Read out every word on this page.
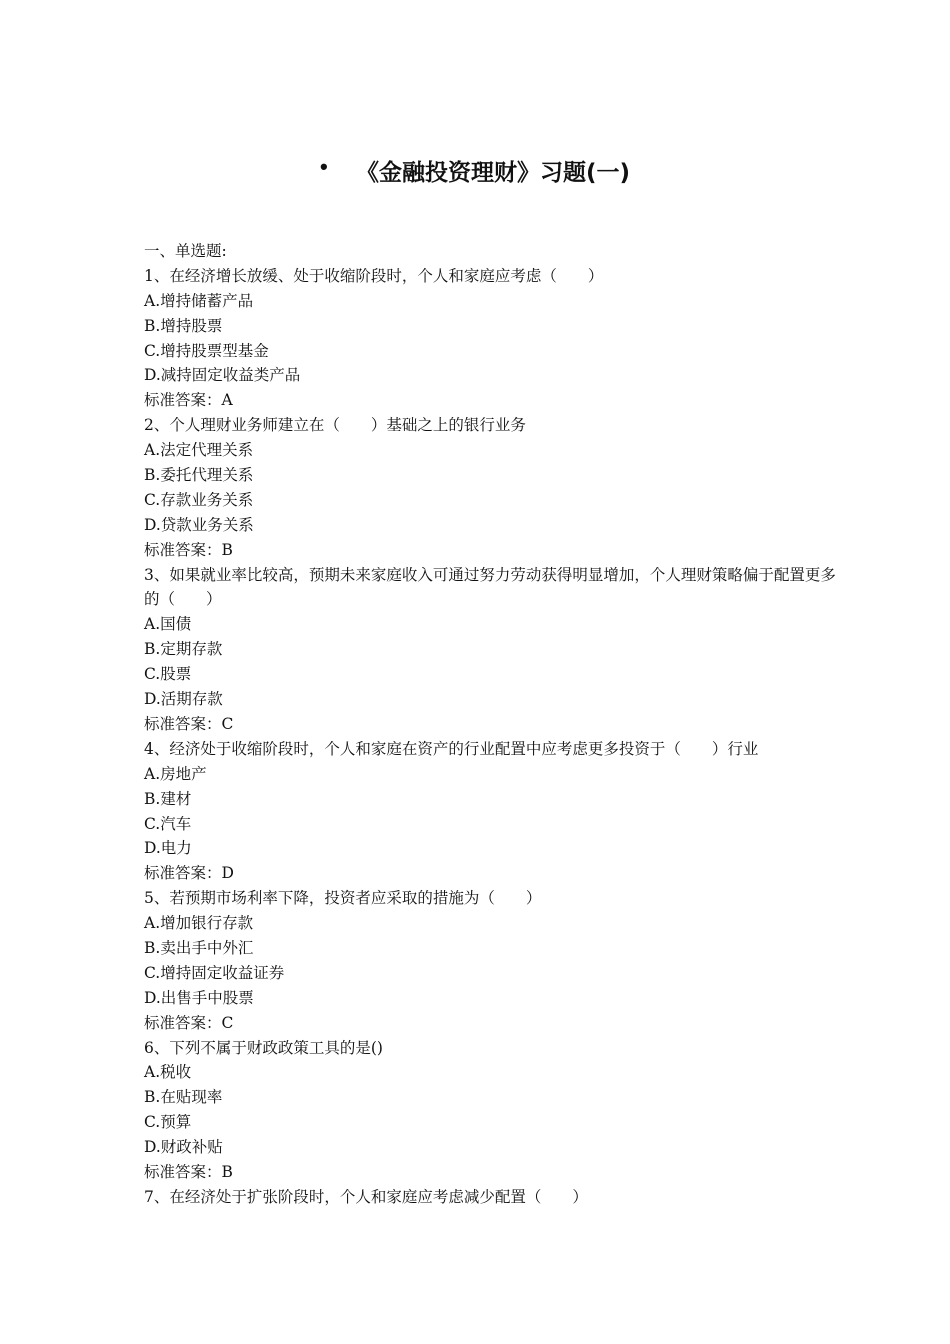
• 《金融投资理财》习题(一)
一、单选题:
1、在经济增长放缓、处于收缩阶段时，个人和家庭应考虑（　　）
A.增持储蓄产品
B.增持股票
C.增持股票型基金
D.减持固定收益类产品
标准答案：A
2、个人理财业务师建立在（　　）基础之上的银行业务
A.法定代理关系
B.委托代理关系
C.存款业务关系
D.贷款业务关系
标准答案：B
3、如果就业率比较高，预期未来家庭收入可通过努力劳动获得明显增加，个人理财策略偏于配置更多的（　　）
A.国债
B.定期存款
C.股票
D.活期存款
标准答案：C
4、经济处于收缩阶段时，个人和家庭在资产的行业配置中应考虑更多投资于（　　）行业
A.房地产
B.建材
C.汽车
D.电力
标准答案：D
5、若预期市场利率下降，投资者应采取的措施为（　　）
A.增加银行存款
B.卖出手中外汇
C.增持固定收益证券
D.出售手中股票
标准答案：C
6、下列不属于财政政策工具的是()
A.税收
B.在贴现率
C.预算
D.财政补贴
标准答案：B
7、在经济处于扩张阶段时，个人和家庭应考虑减少配置（　　）
